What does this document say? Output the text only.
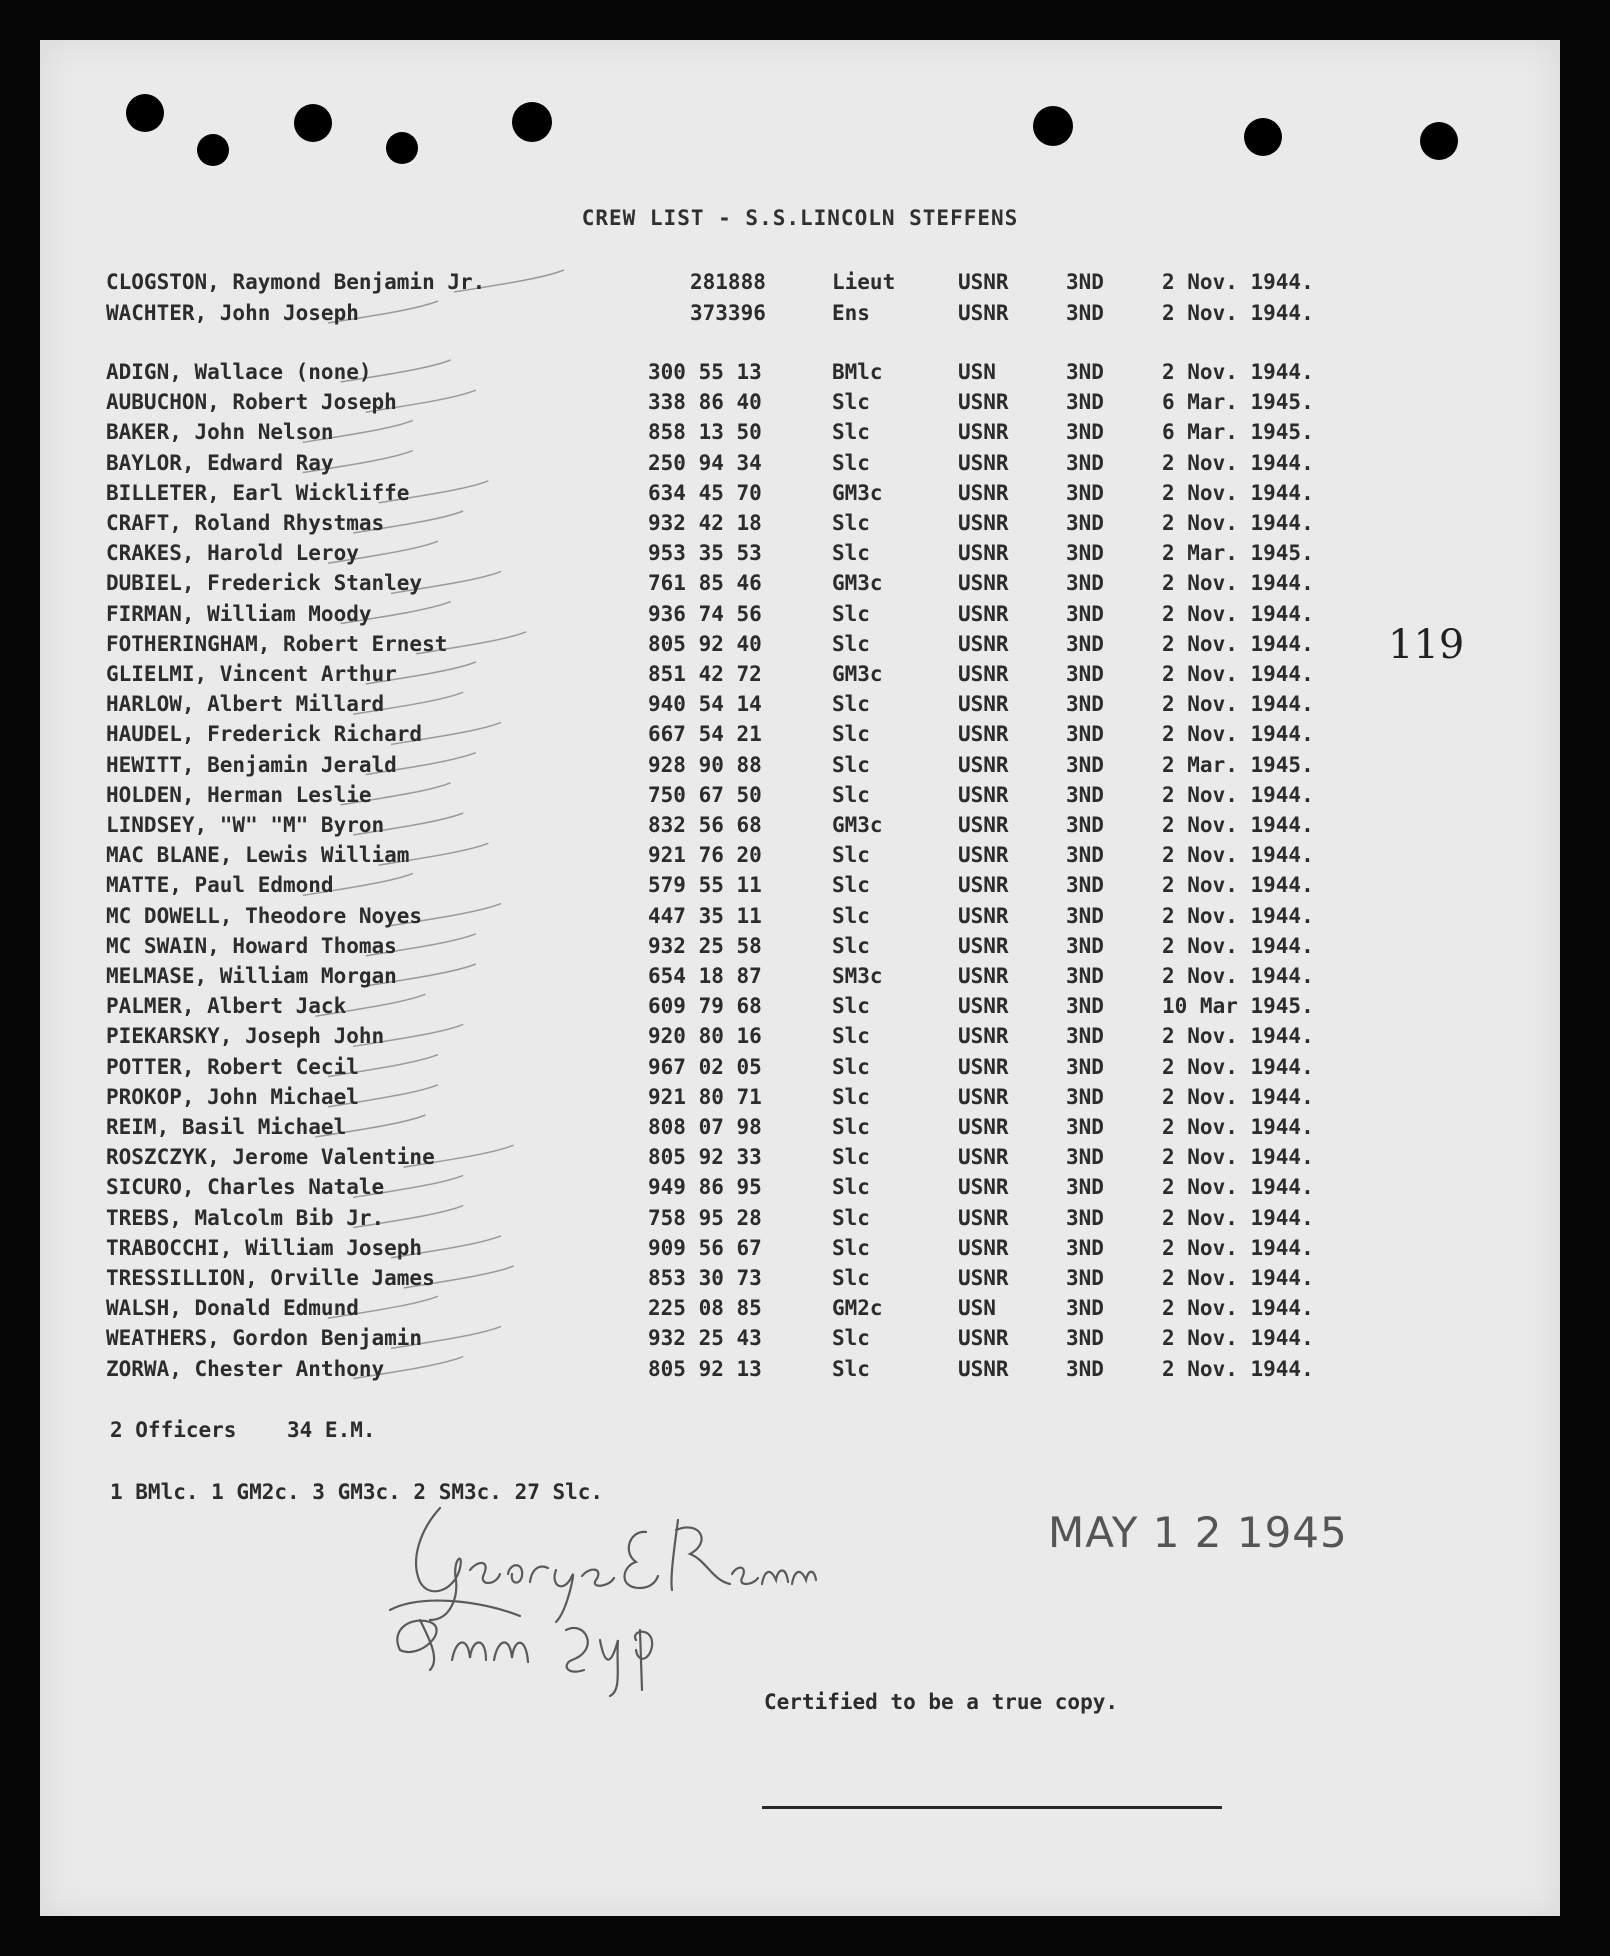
CREW LIST - S.S.LINCOLN STEFFENS
CLOGSTON, Raymond Benjamin Jr.	281888	Lieut	USNR	3ND	2 Nov. 1944.
WACHTER, John Joseph	373396	Ens	USNR	3ND	2 Nov. 1944.
ADIGN, Wallace (none)	300 55 13	BMlc	USN	3ND	2 Nov. 1944.
AUBUCHON, Robert Joseph	338 86 40	Slc	USNR	3ND	6 Mar. 1945.
BAKER, John Nelson	858 13 50	Slc	USNR	3ND	6 Mar. 1945.
BAYLOR, Edward Ray	250 94 34	Slc	USNR	3ND	2 Nov. 1944.
BILLETER, Earl Wickliffe	634 45 70	GM3c	USNR	3ND	2 Nov. 1944.
CRAFT, Roland Rhystmas	932 42 18	Slc	USNR	3ND	2 Nov. 1944.
CRAKES, Harold Leroy	953 35 53	Slc	USNR	3ND	2 Mar. 1945.
DUBIEL, Frederick Stanley	761 85 46	GM3c	USNR	3ND	2 Nov. 1944.
FIRMAN, William Moody	936 74 56	Slc	USNR	3ND	2 Nov. 1944.
FOTHERINGHAM, Robert Ernest	805 92 40	Slc	USNR	3ND	2 Nov. 1944.
GLIELMI, Vincent Arthur	851 42 72	GM3c	USNR	3ND	2 Nov. 1944.
HARLOW, Albert Millard	940 54 14	Slc	USNR	3ND	2 Nov. 1944.
HAUDEL, Frederick Richard	667 54 21	Slc	USNR	3ND	2 Nov. 1944.
HEWITT, Benjamin Jerald	928 90 88	Slc	USNR	3ND	2 Mar. 1945.
HOLDEN, Herman Leslie	750 67 50	Slc	USNR	3ND	2 Nov. 1944.
LINDSEY, "W" "M" Byron	832 56 68	GM3c	USNR	3ND	2 Nov. 1944.
MAC BLANE, Lewis William	921 76 20	Slc	USNR	3ND	2 Nov. 1944.
MATTE, Paul Edmond	579 55 11	Slc	USNR	3ND	2 Nov. 1944.
MC DOWELL, Theodore Noyes	447 35 11	Slc	USNR	3ND	2 Nov. 1944.
MC SWAIN, Howard Thomas	932 25 58	Slc	USNR	3ND	2 Nov. 1944.
MELMASE, William Morgan	654 18 87	SM3c	USNR	3ND	2 Nov. 1944.
PALMER, Albert Jack	609 79 68	Slc	USNR	3ND	10 Mar 1945.
PIEKARSKY, Joseph John	920 80 16	Slc	USNR	3ND	2 Nov. 1944.
POTTER, Robert Cecil	967 02 05	Slc	USNR	3ND	2 Nov. 1944.
PROKOP, John Michael	921 80 71	Slc	USNR	3ND	2 Nov. 1944.
REIM, Basil Michael	808 07 98	Slc	USNR	3ND	2 Nov. 1944.
ROSZCZYK, Jerome Valentine	805 92 33	Slc	USNR	3ND	2 Nov. 1944.
SICURO, Charles Natale	949 86 95	Slc	USNR	3ND	2 Nov. 1944.
TREBS, Malcolm Bib Jr.	758 95 28	Slc	USNR	3ND	2 Nov. 1944.
TRABOCCHI, William Joseph	909 56 67	Slc	USNR	3ND	2 Nov. 1944.
TRESSILLION, Orville James	853 30 73	Slc	USNR	3ND	2 Nov. 1944.
WALSH, Donald Edmund	225 08 85	GM2c	USN	3ND	2 Nov. 1944.
WEATHERS, Gordon Benjamin	932 25 43	Slc	USNR	3ND	2 Nov. 1944.
ZORWA, Chester Anthony	805 92 13	Slc	USNR	3ND	2 Nov. 1944.
119
2 Officers    34 E.M.
1 BMlc. 1 GM2c. 3 GM3c. 2 SM3c. 27 Slc.
MAY 1 2 1945
Certified to be a true copy.
